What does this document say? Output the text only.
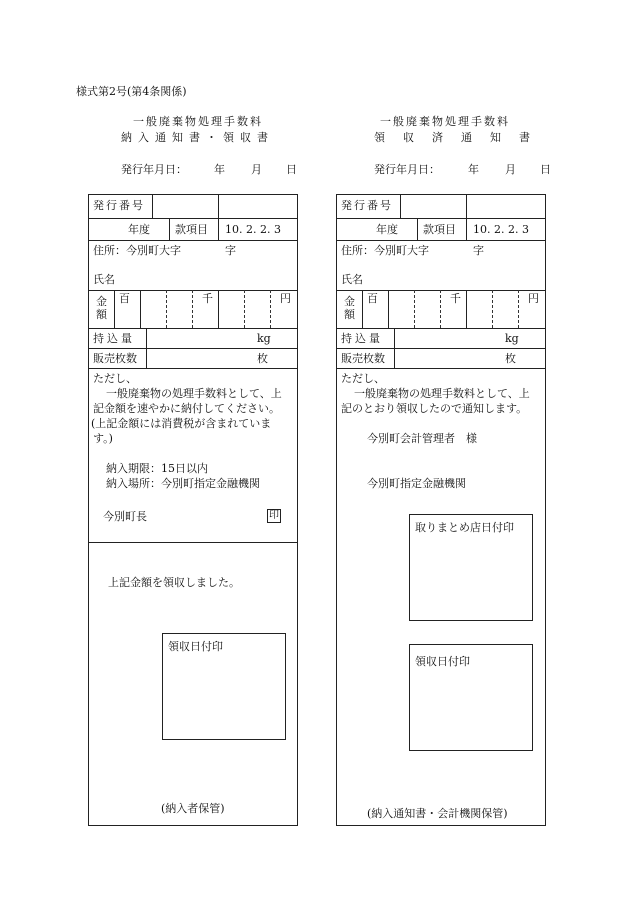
様式第2号(第4条関係)
一般廃棄物処理手数料
納入通知書・領収書
発行年月日： 年 月 日
発行番号
年度 款項目 10. 2. 2. 3
住所：今別町大字	字
氏名
金額
百	千	円
持込量	kg
販売枚数	枚
ただし、
一般廃棄物の処理手数料として、上
記金額を速やかに納付してください。
(上記金額には消費税が含まれていま
す。)
納入期限：15日以内
納入場所：今別町指定金融機関
今別町長	印
上記金額を領収しました。
領収日付印
(納入者保管)
一般廃棄物処理手数料
領収済通知書
発行年月日：	年 月 日
発行番号
年度 款項目 10. 2. 2. 3
住所：今別町大字	字
氏名
金額
百	千	円
持込量	kg
販売枚数	枚
ただし、
一般廃棄物の処理手数料として、上
記のとおり領収したので通知します。
今別町会計管理者　様
今別町指定金融機関
取りまとめ店日付印
領収日付印
(納入通知書・会計機関保管)
